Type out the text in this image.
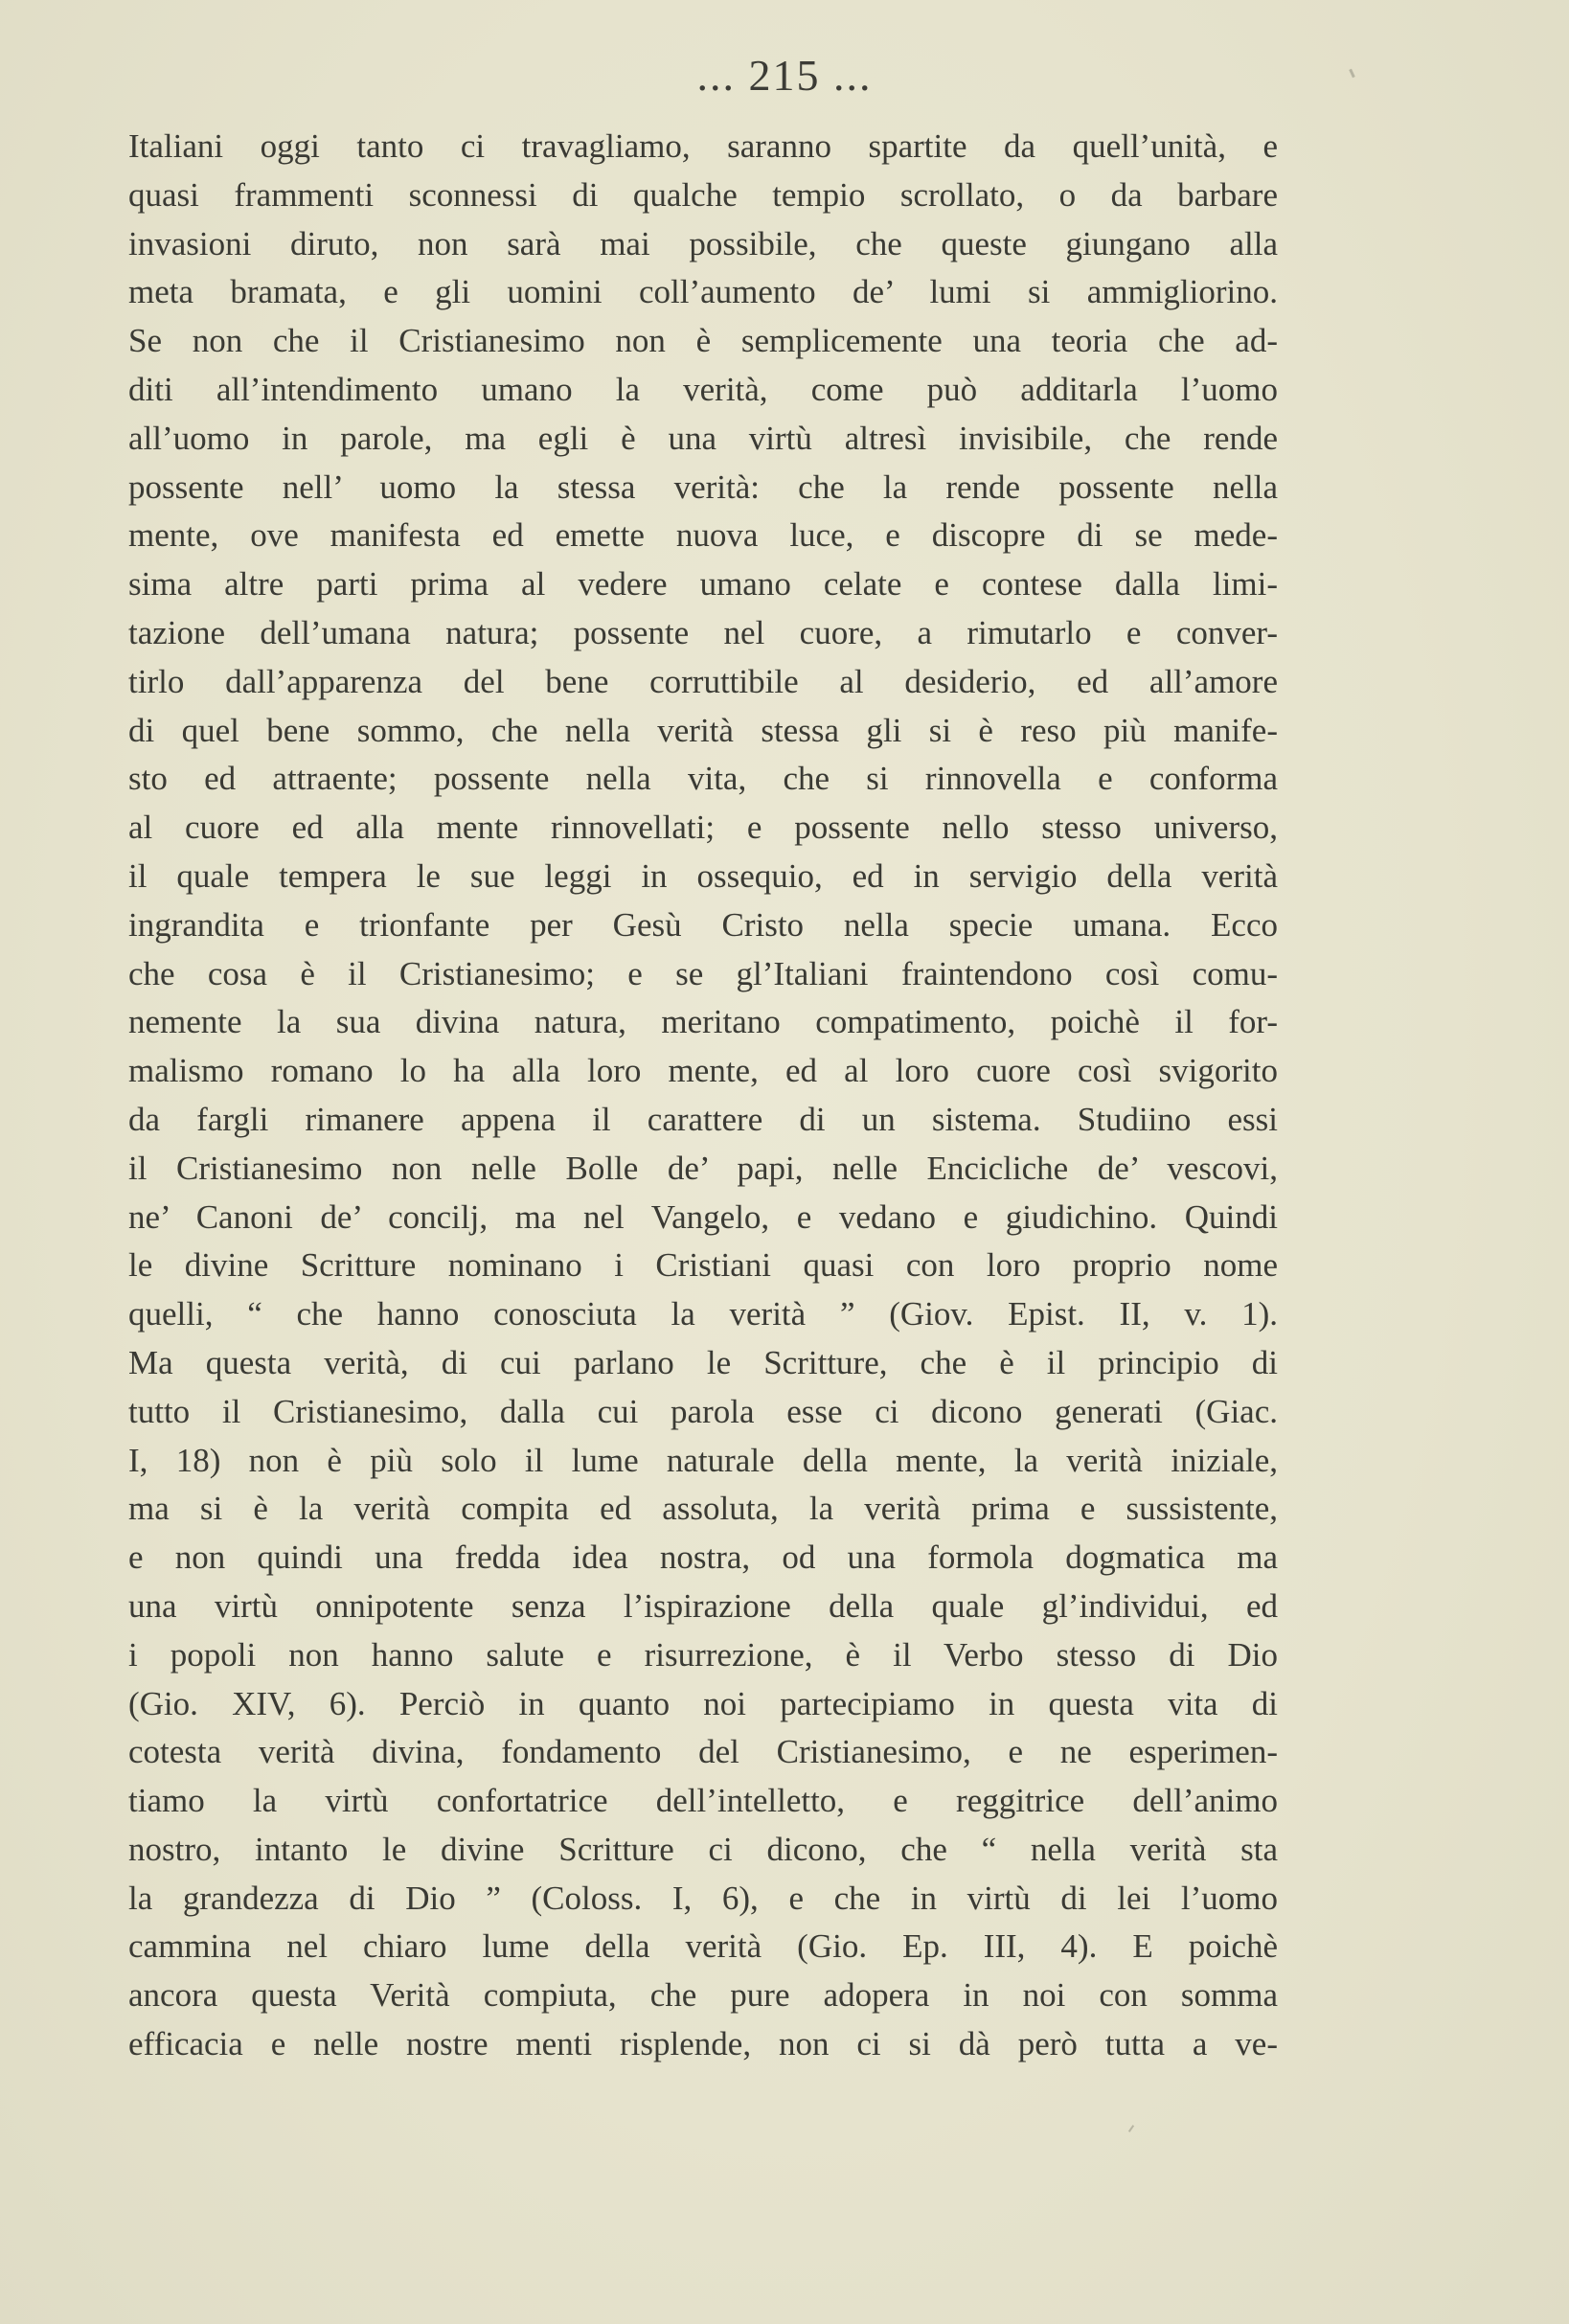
... 215 ...
Italiani oggi tanto ci travagliamo, saranno spartite da quell’unità, e
quasi frammenti sconnessi di qualche tempio scrollato, o da barbare
invasioni diruto, non sarà mai possibile, che queste giungano alla
meta bramata, e gli uomini coll’aumento de’ lumi si ammigliorino.
Se non che il Cristianesimo non è semplicemente una teoria che ad-
diti all’intendimento umano la verità, come può additarla l’uomo
all’uomo in parole, ma egli è una virtù altresì invisibile, che rende
possente nell’ uomo la stessa verità: che la rende possente nella
mente, ove manifesta ed emette nuova luce, e discopre di se mede-
sima altre parti prima al vedere umano celate e contese dalla limi-
tazione dell’umana natura; possente nel cuore, a rimutarlo e conver-
tirlo dall’apparenza del bene corruttibile al desiderio, ed all’amore
di quel bene sommo, che nella verità stessa gli si è reso più manife-
sto ed attraente; possente nella vita, che si rinnovella e conforma
al cuore ed alla mente rinnovellati; e possente nello stesso universo,
il quale tempera le sue leggi in ossequio, ed in servigio della verità
ingrandita e trionfante per Gesù Cristo nella specie umana. Ecco
che cosa è il Cristianesimo; e se gl’Italiani fraintendono così comu-
nemente la sua divina natura, meritano compatimento, poichè il for-
malismo romano lo ha alla loro mente, ed al loro cuore così svigorito
da fargli rimanere appena il carattere di un sistema. Studiino essi
il Cristianesimo non nelle Bolle de’ papi, nelle Encicliche de’ vescovi,
ne’ Canoni de’ concilj, ma nel Vangelo, e vedano e giudichino. Quindi
le divine Scritture nominano i Cristiani quasi con loro proprio nome
quelli, “ che hanno conosciuta la verità ” (Giov. Epist. II, v. 1).
Ma questa verità, di cui parlano le Scritture, che è il principio di
tutto il Cristianesimo, dalla cui parola esse ci dicono generati (Giac.
I, 18) non è più solo il lume naturale della mente, la verità iniziale,
ma si è la verità compita ed assoluta, la verità prima e sussistente,
e non quindi una fredda idea nostra, od una formola dogmatica ma
una virtù onnipotente senza l’ispirazione della quale gl’individui, ed
i popoli non hanno salute e risurrezione, è il Verbo stesso di Dio
(Gio. XIV, 6). Perciò in quanto noi partecipiamo in questa vita di
cotesta verità divina, fondamento del Cristianesimo, e ne esperimen-
tiamo la virtù confortatrice dell’intelletto, e reggitrice dell’animo
nostro, intanto le divine Scritture ci dicono, che “ nella verità sta
la grandezza di Dio ” (Coloss. I, 6), e che in virtù di lei l’uomo
cammina nel chiaro lume della verità (Gio. Ep. III, 4). E poichè
ancora questa Verità compiuta, che pure adopera in noi con somma
efficacia e nelle nostre menti risplende, non ci si dà però tutta a ve-
